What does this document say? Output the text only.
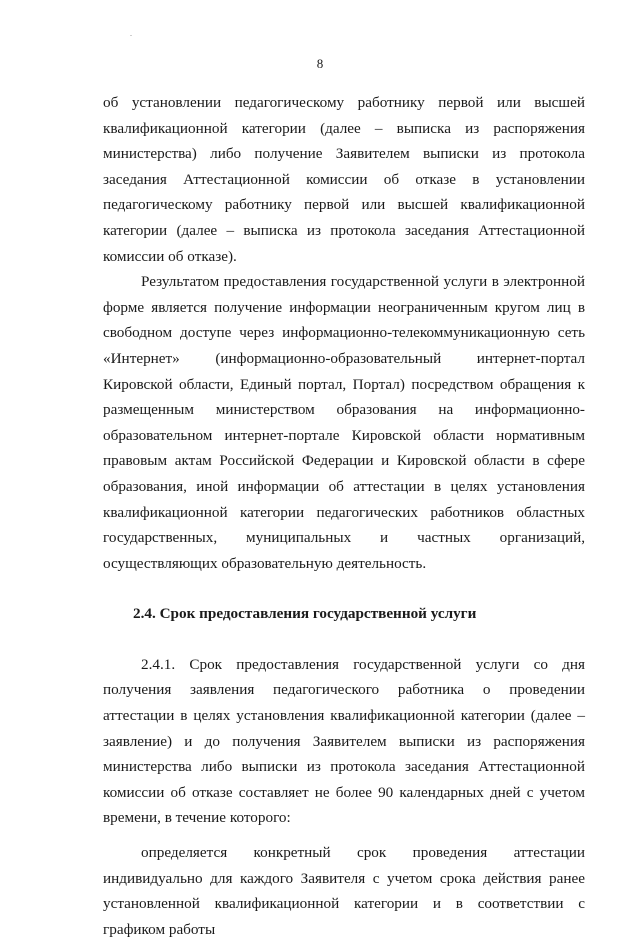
8

об установлении педагогическому работнику первой или высшей квалификационной категории (далее – выписка из распоряжения министерства) либо получение Заявителем выписки из протокола заседания Аттестационной комиссии об отказе в установлении педагогическому работнику первой или высшей квалификационной категории (далее – выписка из протокола заседания Аттестационной комиссии об отказе).

Результатом предоставления государственной услуги в электронной форме является получение информации неограниченным кругом лиц в свободном доступе через информационно-телекоммуникационную сеть «Интернет» (информационно-образовательный интернет-портал Кировской области, Единый портал, Портал) посредством обращения к размещенным министерством образования на информационно-образовательном интернет-портале Кировской области нормативным правовым актам Российской Федерации и Кировской области в сфере образования, иной информации об аттестации в целях установления квалификационной категории педагогических работников областных государственных, муниципальных и частных организаций, осуществляющих образовательную деятельность.

2.4. Срок предоставления государственной услуги

2.4.1. Срок предоставления государственной услуги со дня получения заявления педагогического работника о проведении аттестации в целях установления квалификационной категории (далее – заявление) и до получения Заявителем выписки из распоряжения министерства либо выписки из протокола заседания Аттестационной комиссии об отказе составляет не более 90 календарных дней с учетом времени, в течение которого:

определяется конкретный срок проведения аттестации индивидуально для каждого Заявителя с учетом срока действия ранее установленной квалификационной категории и в соответствии с графиком работы
